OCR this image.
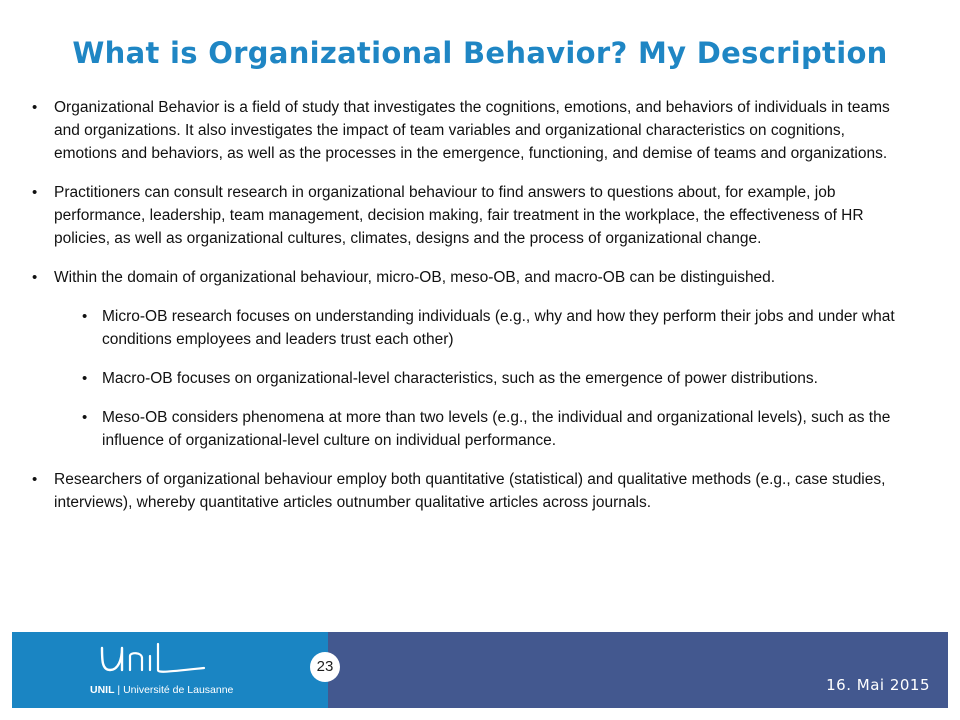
What is Organizational Behavior? My Description

• Organizational Behavior is a field of study that investigates the cognitions, emotions, and behaviors of individuals in teams and organizations. It also investigates the impact of team variables and organizational characteristics on cognitions, emotions and behaviors, as well as the processes in the emergence, functioning, and demise of teams and organizations.

• Practitioners can consult research in organizational behaviour to find answers to questions about, for example, job performance, leadership, team management, decision making, fair treatment in the workplace, the effectiveness of HR policies, as well as organizational cultures, climates, designs and the process of organizational change.

• Within the domain of organizational behaviour, micro-OB, meso-OB, and macro-OB can be distinguished.

• Micro-OB research focuses on understanding individuals (e.g., why and how they perform their jobs and under what conditions employees and leaders trust each other)

• Macro-OB focuses on organizational-level characteristics, such as the emergence of power distributions.

• Meso-OB considers phenomena at more than two levels (e.g., the individual and organizational levels), such as the influence of organizational-level culture on individual performance.

• Researchers of organizational behaviour employ both quantitative (statistical) and qualitative methods (e.g., case studies, interviews), whereby quantitative articles outnumber qualitative articles across journals.

UNIL | Université de Lausanne
23
16. Mai 2015
